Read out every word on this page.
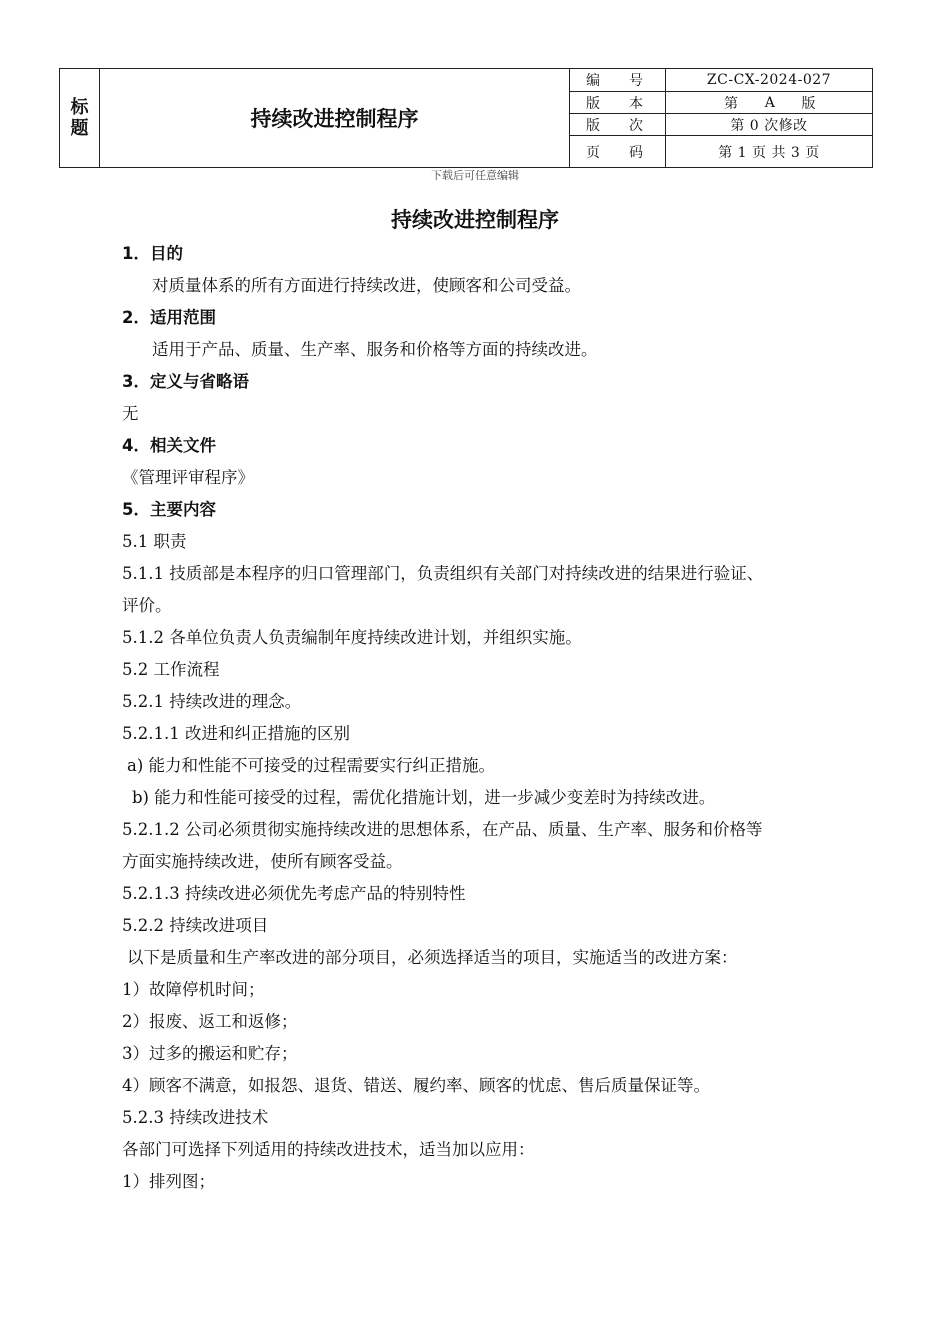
标题	持续改进控制程序
编 号	ZC-CX-2024-027
版 本	第 A 版
版 次	第 0 次修改
页 码	第 1 页 共 3 页
下载后可任意编辑
持续改进控制程序
1．目的
对质量体系的所有方面进行持续改进，使顾客和公司受益。
2．适用范围
适用于产品、质量、生产率、服务和价格等方面的持续改进。
3．定义与省略语
无
4．相关文件
《管理评审程序》
5．主要内容
5.1 职责
5.1.1 技质部是本程序的归口管理部门，负责组织有关部门对持续改进的结果进行验证、
评价。
5.1.2 各单位负责人负责编制年度持续改进计划，并组织实施。
5.2 工作流程
5.2.1 持续改进的理念。
5.2.1.1 改进和纠正措施的区别
a) 能力和性能不可接受的过程需要实行纠正措施。
b) 能力和性能可接受的过程，需优化措施计划，进一步减少变差时为持续改进。
5.2.1.2 公司必须贯彻实施持续改进的思想体系，在产品、质量、生产率、服务和价格等
方面实施持续改进，使所有顾客受益。
5.2.1.3 持续改进必须优先考虑产品的特别特性
5.2.2 持续改进项目
以下是质量和生产率改进的部分项目，必须选择适当的项目，实施适当的改进方案：
1）故障停机时间；
2）报废、返工和返修；
3）过多的搬运和贮存；
4）顾客不满意，如报怨、退货、错送、履约率、顾客的忧虑、售后质量保证等。
5.2.3 持续改进技术
各部门可选择下列适用的持续改进技术，适当加以应用：
1）排列图；
